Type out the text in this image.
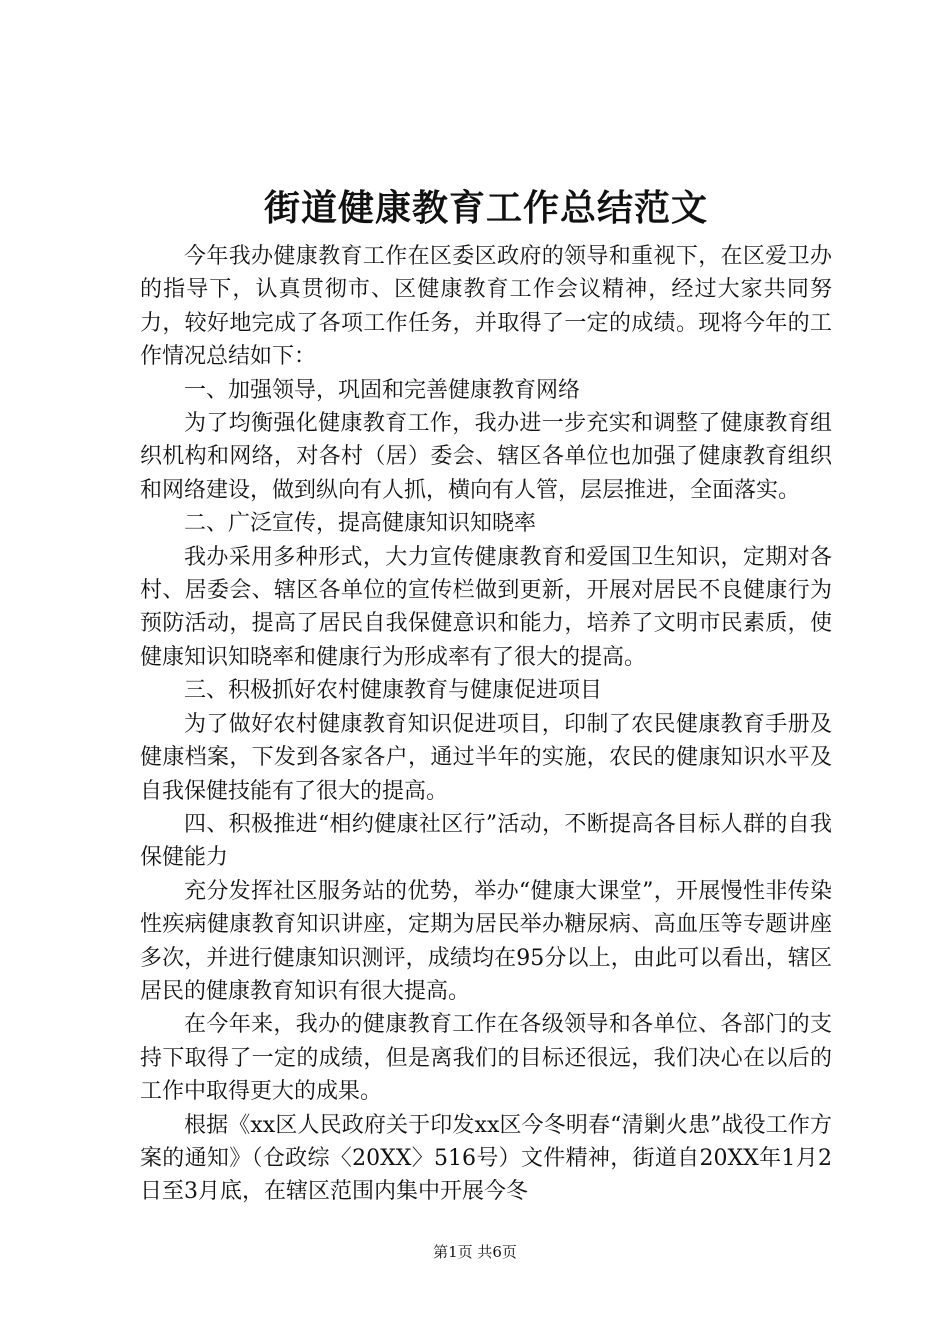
街道健康教育工作总结范文

今年我办健康教育工作在区委区政府的领导和重视下，在区爱卫办的指导下，认真贯彻市、区健康教育工作会议精神，经过大家共同努力，较好地完成了各项工作任务，并取得了一定的成绩。现将今年的工作情况总结如下：

一、加强领导，巩固和完善健康教育网络

为了均衡强化健康教育工作，我办进一步充实和调整了健康教育组织机构和网络，对各村（居）委会、辖区各单位也加强了健康教育组织和网络建设，做到纵向有人抓，横向有人管，层层推进，全面落实。

二、广泛宣传，提高健康知识知晓率

我办采用多种形式，大力宣传健康教育和爱国卫生知识，定期对各村、居委会、辖区各单位的宣传栏做到更新，开展对居民不良健康行为预防活动，提高了居民自我保健意识和能力，培养了文明市民素质，使健康知识知晓率和健康行为形成率有了很大的提高。

三、积极抓好农村健康教育与健康促进项目

为了做好农村健康教育知识促进项目，印制了农民健康教育手册及健康档案，下发到各家各户，通过半年的实施，农民的健康知识水平及自我保健技能有了很大的提高。

四、积极推进“相约健康社区行”活动，不断提高各目标人群的自我保健能力

充分发挥社区服务站的优势，举办“健康大课堂”，开展慢性非传染性疾病健康教育知识讲座，定期为居民举办糖尿病、高血压等专题讲座多次，并进行健康知识测评，成绩均在95分以上，由此可以看出，辖区居民的健康教育知识有很大提高。

在今年来，我办的健康教育工作在各级领导和各单位、各部门的支持下取得了一定的成绩，但是离我们的目标还很远，我们决心在以后的工作中取得更大的成果。

根据《xx区人民政府关于印发xx区今冬明春“清剿火患”战役工作方案的通知》（仓政综〈20XX〉516号）文件精神，街道自20XX年1月2日至3月底，在辖区范围内集中开展今冬

第1页 共6页
